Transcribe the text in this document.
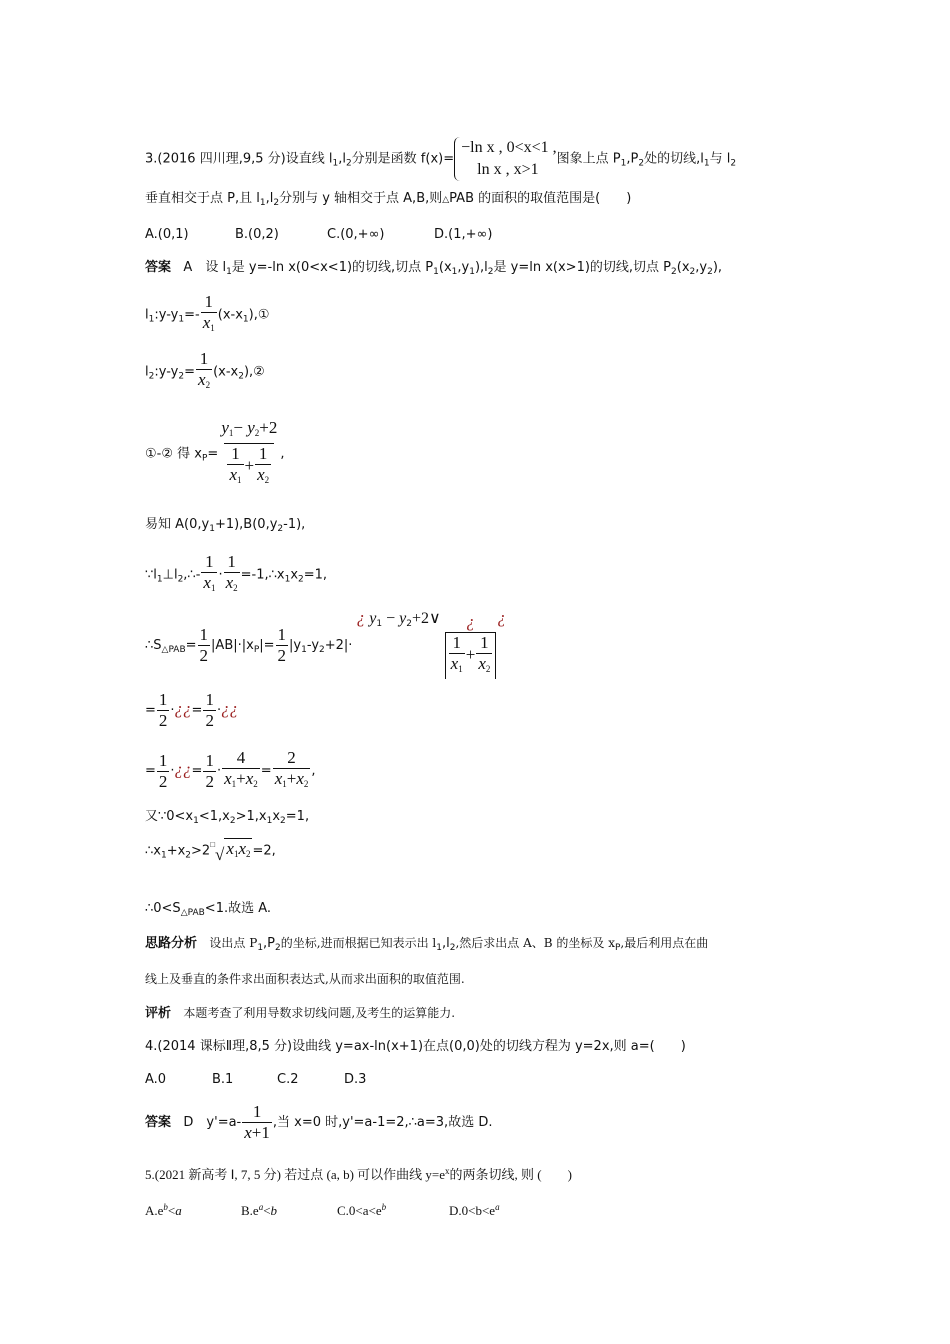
3.(2016 四川理,9,5 分)设直线 $l_1,l_2$分别是函数 f(x)=
−ln x , 0<x<1 ,
ln x , x>1
图象上点 $P_1,P_2$处的切线$,l_1$与 $l_2$
垂直相交于点 P,且 $l_1,l_2$分别与 y 轴相交于点 A,B,则△PAB 的面积的取值范围是(　　)
A.(0,1)	B.(0,2)	C.(0,+∞)	D.(1,+∞)
答案 A　设 $l_1$是 y=-ln x(0<x<1)的切线,切点 $P_1(x_1,y_1),l_2$是 y=ln x(x>1)的切线,切点 $P_2(x_2,y_2)$,
$l_1:y-y_1=- \frac{1}{x_1}$ $(x-x_1),①$
$l_2:y-y_2= \frac{1}{x_2}$ $(x-x_2),②$
①-② 得 $x_P= \frac{y_1- y_2+2}{\frac{1}{x_1} + \frac{1}{x_2}}$ ,
易知 $A(0,y_1+1),B(0,y_2-1)$,
$\because l_1\perp l_2,\therefore- \frac{1}{x_1} \cdot \frac{1}{x_2}$ $=-1,\therefore x_1x_2=1$,
$\therefore S_{\triangle PAB}= \frac{1}{2} |AB|\cdot|x_P|= \frac{1}{2} |y_1-y_2+2|\cdot$ ¿ $y_1$ − $y_2+2\vee \frac{¿}{\frac{1}{x_1} + \frac{1}{x_2}}$ ¿
= $\frac{1}{2}$ ·¿¿= $\frac{1}{2}$ ·¿¿
= $\frac{1}{2}$ ·¿¿= $\frac{1}{2} \cdot \frac{4}{x_1+x_2} = \frac{2}{x_1+x_2}$ ,
又$\because 0<x_1<1,x_2>1,x_1x_2=1$,
$\therefore x_1+x_2>2$ □
√ $x_1x_2 =2$,
$\therefore 0<S_{\triangle PAB}<1$.故选 A.
思路分析 设出点 $P_1,P_2$的坐标,进而根据已知表示出 $l_1,l_2$,然后求出点 A、B 的坐标及 $x_P$,最后利用点在曲
线上及垂直的条件求出面积表达式,从而求出面积的取值范围.
评析 本题考查了利用导数求切线问题,及考生的运算能力.
4.(2014 课标Ⅱ理,8,5 分)设曲线 y=ax-ln(x+1)在点(0,0)处的切线方程为 y=2x,则 a=(　　)
A.0	B.1	C.2	D.3
答案 D　$y'=a- \frac{1}{x+1}$ ,当 x=0 时,y'=a-1=2,∴a=3,故选 D.
5.(2021 新高考 Ⅰ, 7, 5 分) 若过点 (a, b) 可以作曲线 $y=e^x$的两条切线, 则 (　　)
$A.e^b<a$	$B.e^a<b$	$C.0<a<e^b$	$D.0<b<e^a$
